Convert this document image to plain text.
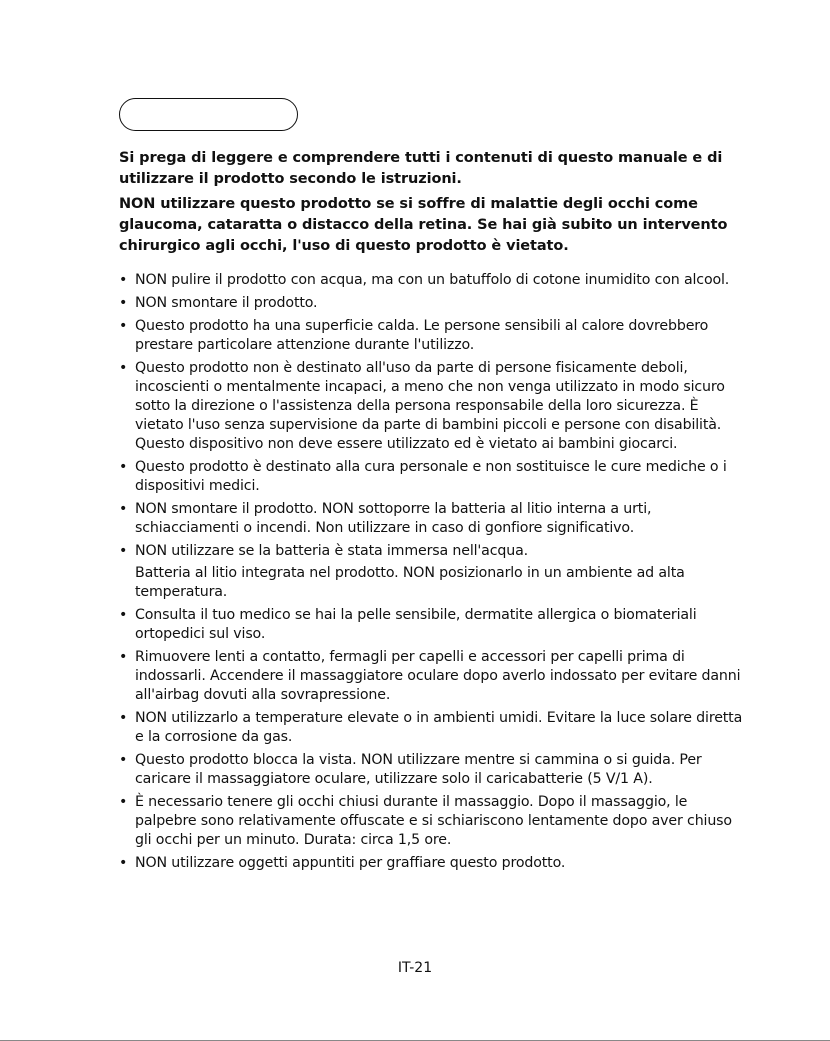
Si prega di leggere e comprendere tutti i contenuti di questo manuale e di utilizzare il prodotto secondo le istruzioni.
NON utilizzare questo prodotto se si soffre di malattie degli occhi come glaucoma, cataratta o distacco della retina. Se hai già subito un intervento chirurgico agli occhi, l'uso di questo prodotto è vietato.
• NON pulire il prodotto con acqua, ma con un batuffolo di cotone inumidito con alcool.
• NON smontare il prodotto.
• Questo prodotto ha una superficie calda. Le persone sensibili al calore dovrebbero prestare particolare attenzione durante l'utilizzo.
• Questo prodotto non è destinato all'uso da parte di persone fisicamente deboli, incoscienti o mentalmente incapaci, a meno che non venga utilizzato in modo sicuro sotto la direzione o l'assistenza della persona responsabile della loro sicurezza. È vietato l'uso senza supervisione da parte di bambini piccoli e persone con disabilità. Questo dispositivo non deve essere utilizzato ed è vietato ai bambini giocarci.
• Questo prodotto è destinato alla cura personale e non sostituisce le cure mediche o i dispositivi medici.
• NON smontare il prodotto. NON sottoporre la batteria al litio interna a urti, schiacciamenti o incendi. Non utilizzare in caso di gonfiore significativo.
• NON utilizzare se la batteria è stata immersa nell'acqua.
Batteria al litio integrata nel prodotto. NON posizionarlo in un ambiente ad alta temperatura.
• Consulta il tuo medico se hai la pelle sensibile, dermatite allergica o biomateriali ortopedici sul viso.
• Rimuovere lenti a contatto, fermagli per capelli e accessori per capelli prima di indossarli. Accendere il massaggiatore oculare dopo averlo indossato per evitare danni all'airbag dovuti alla sovrapressione.
• NON utilizzarlo a temperature elevate o in ambienti umidi. Evitare la luce solare diretta e la corrosione da gas.
• Questo prodotto blocca la vista. NON utilizzare mentre si cammina o si guida. Per caricare il massaggiatore oculare, utilizzare solo il caricabatterie (5 V/1 A).
• È necessario tenere gli occhi chiusi durante il massaggio. Dopo il massaggio, le palpebre sono relativamente offuscate e si schiariscono lentamente dopo aver chiuso gli occhi per un minuto. Durata: circa 1,5 ore.
• NON utilizzare oggetti appuntiti per graffiare questo prodotto.
IT-21
